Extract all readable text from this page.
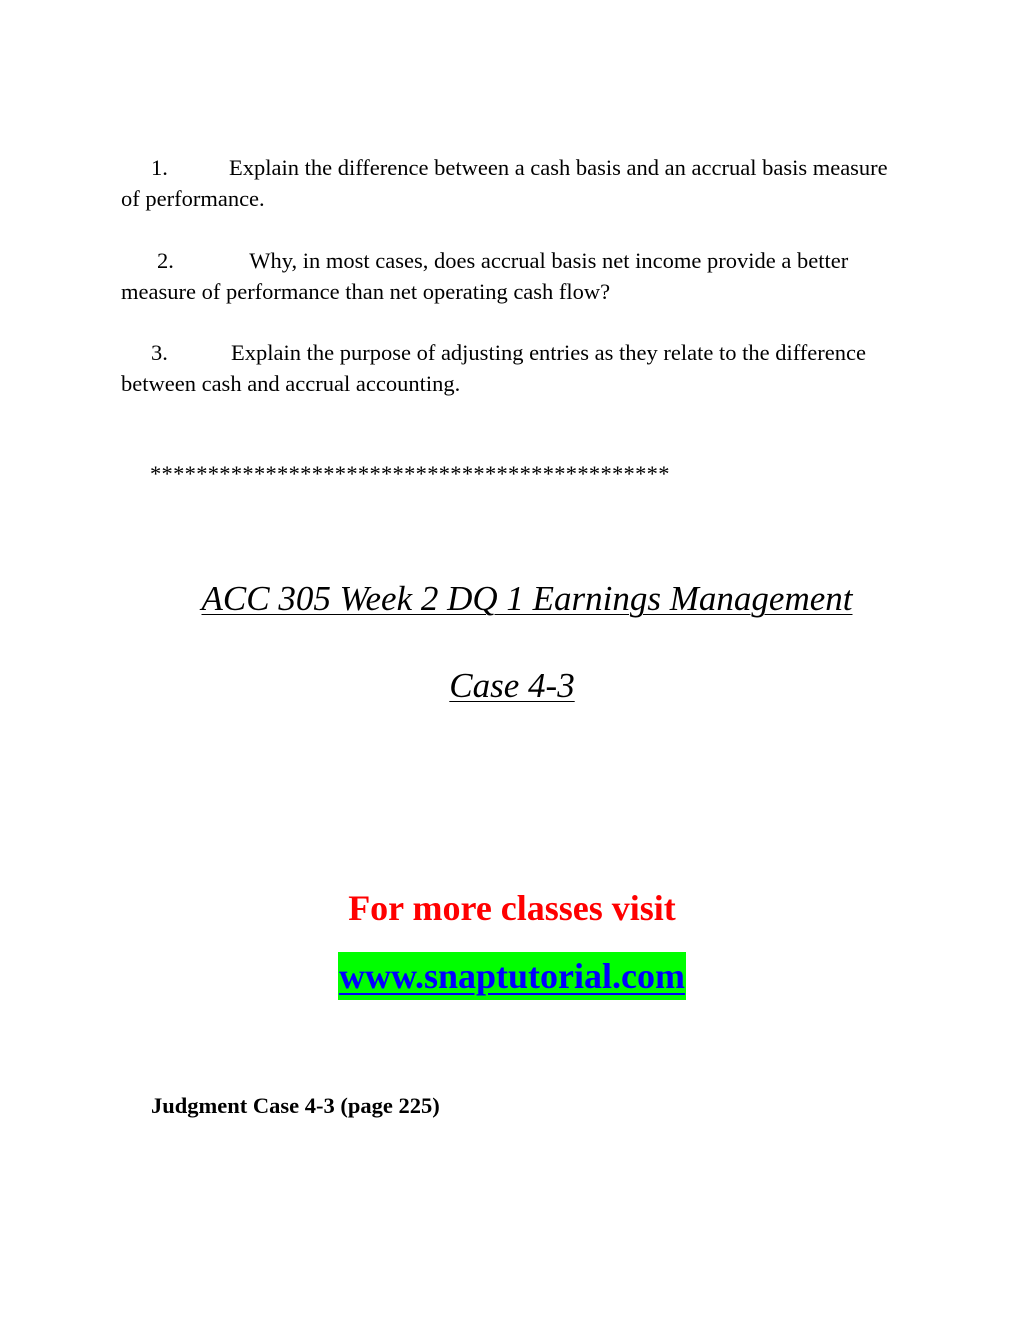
1.	Explain the difference between a cash basis and an accrual basis measure of performance.

2.	Why, in most cases, does accrual basis net income provide a better measure of performance than net operating cash flow?

3.	Explain the purpose of adjusting entries as they relate to the difference between cash and accrual accounting.

*********************************************
ACC 305 Week 2 DQ 1 Earnings Management
Case 4-3
For more classes visit
www.snaptutorial.com
Judgment Case 4-3 (page 225)
